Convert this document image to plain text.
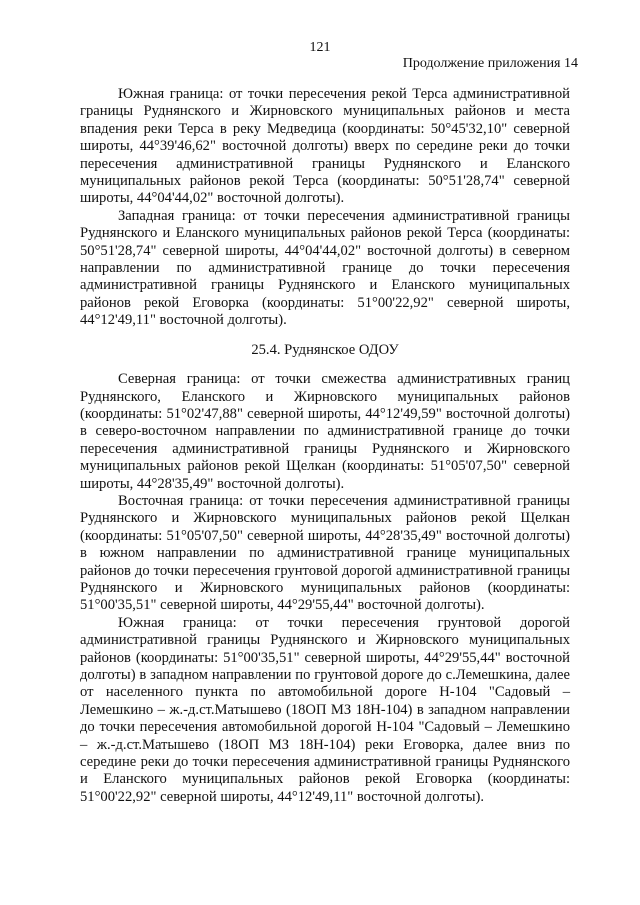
121
Продолжение приложения 14

Южная граница: от точки пересечения рекой Терса административной границы Руднянского и Жирновского муниципальных районов и места впадения реки Терса в реку Медведица (координаты: 50°45'32,10" северной широты, 44°39'46,62" восточной долготы) вверх по середине реки до точки пересечения административной границы Руднянского и Еланского муниципальных районов рекой Терса (координаты: 50°51'28,74" северной широты, 44°04'44,02" восточной долготы).

Западная граница: от точки пересечения административной границы Руднянского и Еланского муниципальных районов рекой Терса (координаты: 50°51'28,74" северной широты, 44°04'44,02" восточной долготы) в северном направлении по административной границе до точки пересечения административной границы Руднянского и Еланского муниципальных районов рекой Еговорка (координаты: 51°00'22,92" северной широты, 44°12'49,11" восточной долготы).

25.4. Руднянское ОДОУ

Северная граница: от точки смежества административных границ Руднянского, Еланского и Жирновского муниципальных районов (координаты: 51°02'47,88" северной широты, 44°12'49,59" восточной долготы) в северо-восточном направлении по административной границе до точки пересечения административной границы Руднянского и Жирновского муниципальных районов рекой Щелкан (координаты: 51°05'07,50" северной широты, 44°28'35,49" восточной долготы).

Восточная граница: от точки пересечения административной границы Руднянского и Жирновского муниципальных районов рекой Щелкан (координаты: 51°05'07,50" северной широты, 44°28'35,49" восточной долготы) в южном направлении по административной границе муниципальных районов до точки пересечения грунтовой дорогой административной границы Руднянского и Жирновского муниципальных районов (координаты: 51°00'35,51" северной широты, 44°29'55,44" восточной долготы).

Южная граница: от точки пересечения грунтовой дорогой административной границы Руднянского и Жирновского муниципальных районов (координаты: 51°00'35,51" северной широты, 44°29'55,44" восточной долготы) в западном направлении по грунтовой дороге до с.Лемешкина, далее от населенного пункта по автомобильной дороге Н-104 "Садовый – Лемешкино – ж.-д.ст.Матышево (18ОП МЗ 18Н-104) в западном направлении до точки пересечения автомобильной дорогой Н-104 "Садовый – Лемешкино – ж.-д.ст.Матышево (18ОП МЗ 18Н-104) реки Еговорка, далее вниз по середине реки до точки пересечения административной границы Руднянского и Еланского муниципальных районов рекой Еговорка (координаты: 51°00'22,92" северной широты, 44°12'49,11" восточной долготы).
